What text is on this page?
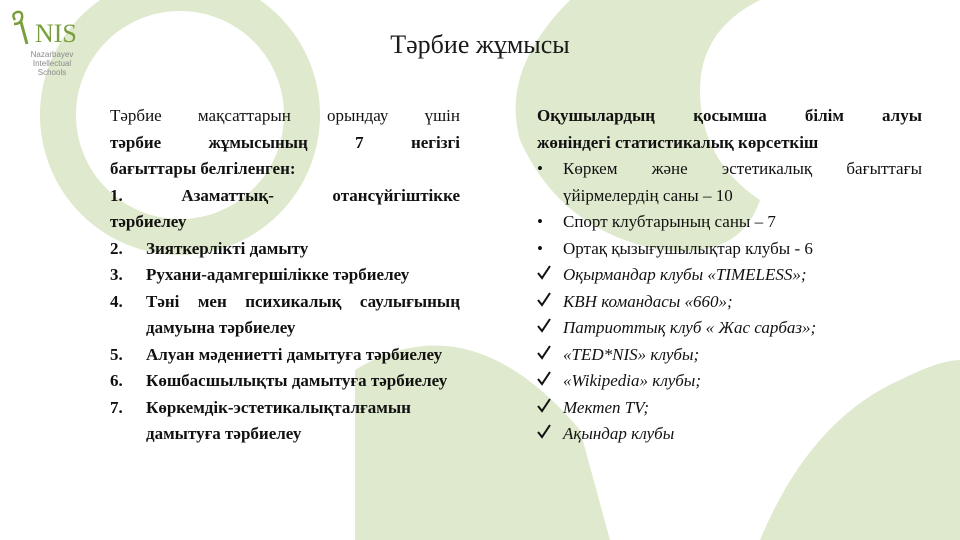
NIS
Nazarbayev
Intellectual
Schools
Тәрбие жұмысы
Тәрбие мақсаттарын орындау үшін
тәрбие жұмысының 7 негізгі
бағыттары белгіленген:
1. Азаматтық- отансүйгіштікке
тәрбиелеу
2.	Зияткерлікті дамыту
3.	Рухани-адамгершілікке тәрбиелеу
4.	Тәні мен психикалық саулығының дамуына тәрбиелеу
5.	Алуан мәдениетті дамытуға тәрбиелеу
6.	Көшбасшылықты дамытуға тәрбиелеу
7.	Көркемдік-эстетикалықталғамын дамытуға тәрбиелеу
Оқушылардың қосымша білім алуы
жөніндегі статистикалық көрсеткіш
•	Көркем және эстетикалық бағыттағы үйірмелердің саны – 10
•	Спорт клубтарының саны – 7
•	Ортақ қызығушылықтар клубы - 6
Оқырмандар клубы «TIMELESS»;
КВН командасы «660»;
Патриоттық клуб « Жас сарбаз»;
«TED*NIS» клубы;
«Wikipedia» клубы;
Мектеп TV;
Ақындар клубы
